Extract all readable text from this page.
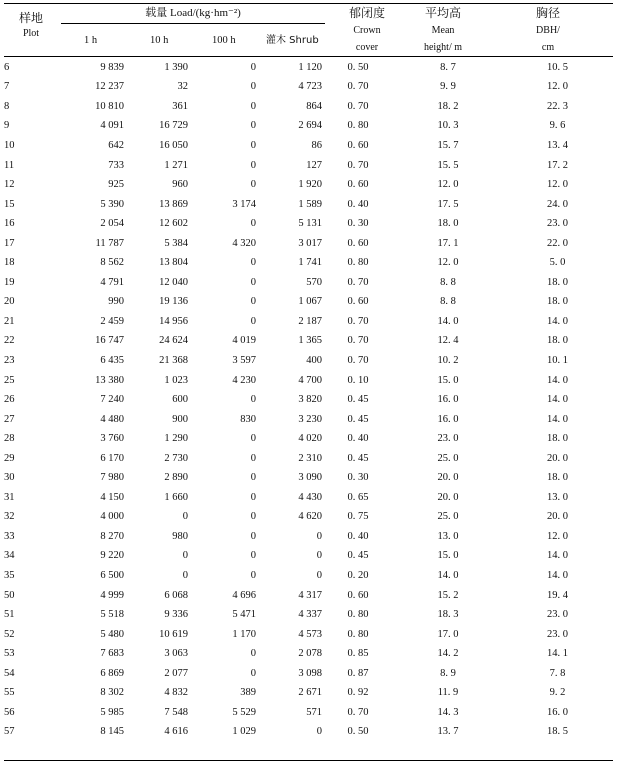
样地
Plot
载量 Load/(kg·hm⁻²)
1 h	10 h	100 h	灌木 Shrub
郁闭度
Crown
cover
平均高
Mean
height/ m
胸径
DBH/
cm
6	9 839	1 390	0	1 120	0. 50	8. 7	10. 5
7	12 237	32	0	4 723	0. 70	9. 9	12. 0
8	10 810	361	0	864	0. 70	18. 2	22. 3
9	4 091	16 729	0	2 694	0. 80	10. 3	9. 6
10	642	16 050	0	86	0. 60	15. 7	13. 4
11	733	1 271	0	127	0. 70	15. 5	17. 2
12	925	960	0	1 920	0. 60	12. 0	12. 0
15	5 390	13 869	3 174	1 589	0. 40	17. 5	24. 0
16	2 054	12 602	0	5 131	0. 30	18. 0	23. 0
17	11 787	5 384	4 320	3 017	0. 60	17. 1	22. 0
18	8 562	13 804	0	1 741	0. 80	12. 0	5. 0
19	4 791	12 040	0	570	0. 70	8. 8	18. 0
20	990	19 136	0	1 067	0. 60	8. 8	18. 0
21	2 459	14 956	0	2 187	0. 70	14. 0	14. 0
22	16 747	24 624	4 019	1 365	0. 70	12. 4	18. 0
23	6 435	21 368	3 597	400	0. 70	10. 2	10. 1
25	13 380	1 023	4 230	4 700	0. 10	15. 0	14. 0
26	7 240	600	0	3 820	0. 45	16. 0	14. 0
27	4 480	900	830	3 230	0. 45	16. 0	14. 0
28	3 760	1 290	0	4 020	0. 40	23. 0	18. 0
29	6 170	2 730	0	2 310	0. 45	25. 0	20. 0
30	7 980	2 890	0	3 090	0. 30	20. 0	18. 0
31	4 150	1 660	0	4 430	0. 65	20. 0	13. 0
32	4 000	0	0	4 620	0. 75	25. 0	20. 0
33	8 270	980	0	0	0. 40	13. 0	12. 0
34	9 220	0	0	0	0. 45	15. 0	14. 0
35	6 500	0	0	0	0. 20	14. 0	14. 0
50	4 999	6 068	4 696	4 317	0. 60	15. 2	19. 4
51	5 518	9 336	5 471	4 337	0. 80	18. 3	23. 0
52	5 480	10 619	1 170	4 573	0. 80	17. 0	23. 0
53	7 683	3 063	0	2 078	0. 85	14. 2	14. 1
54	6 869	2 077	0	3 098	0. 87	8. 9	7. 8
55	8 302	4 832	389	2 671	0. 92	11. 9	9. 2
56	5 985	7 548	5 529	571	0. 70	14. 3	16. 0
57	8 145	4 616	1 029	0	0. 50	13. 7	18. 5
